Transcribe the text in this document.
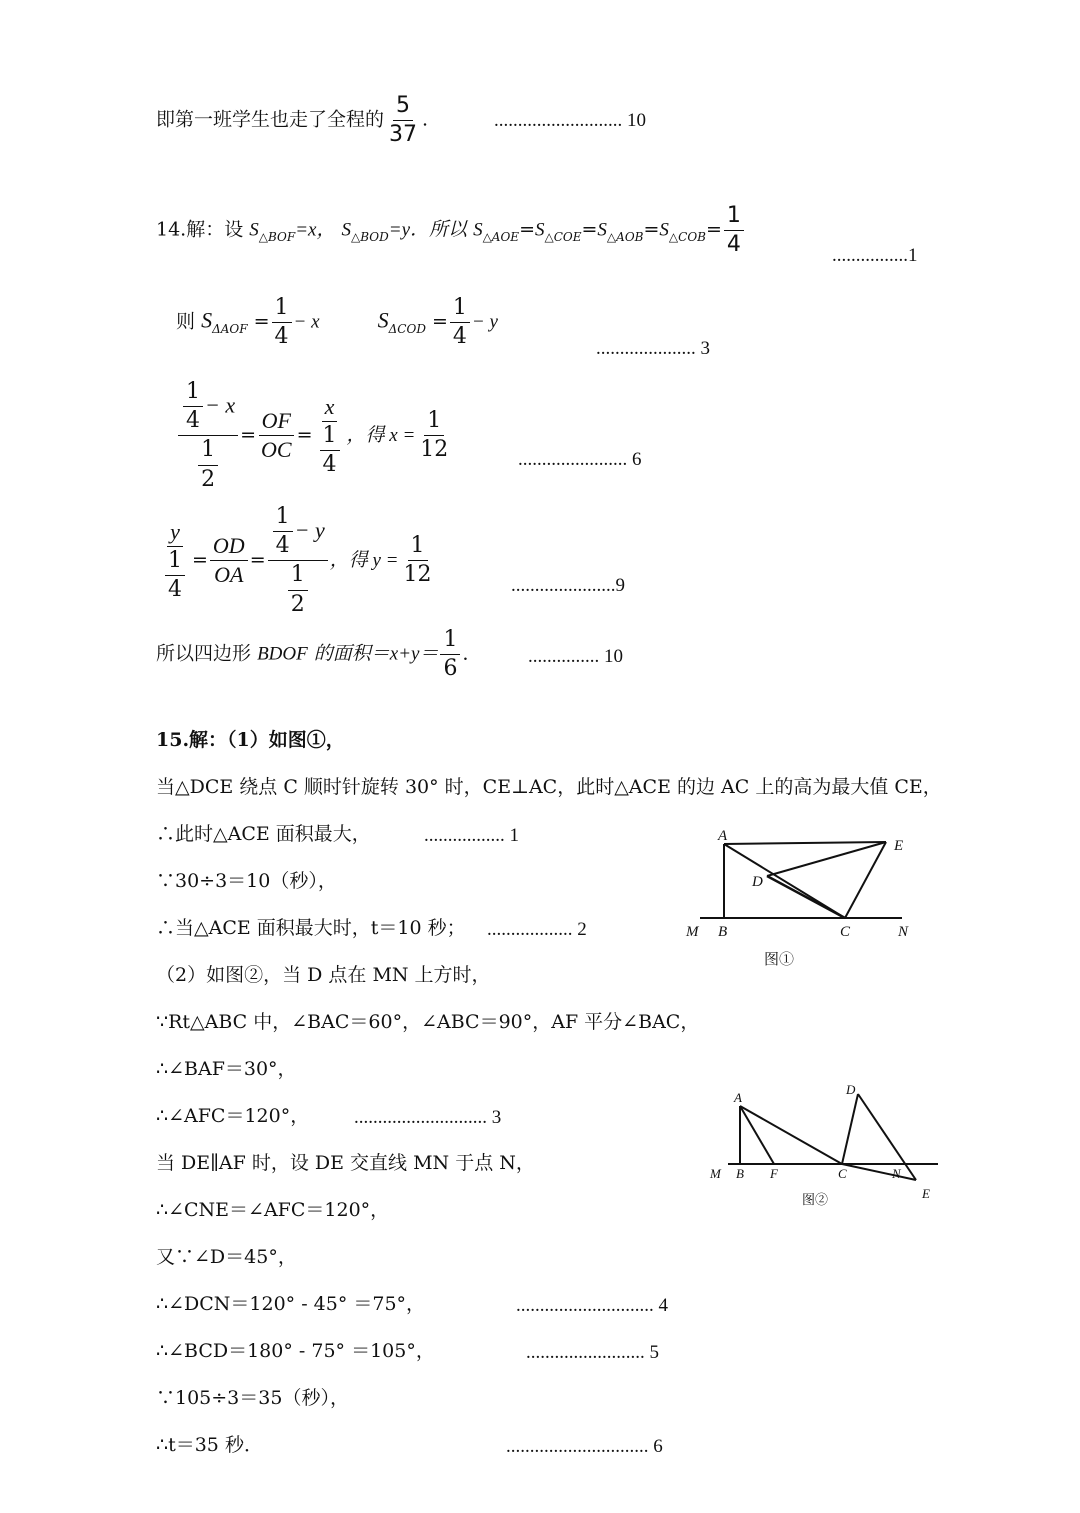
即第一班学生也走了全程的 $\frac{5}{37}$ .	........................... 10
14.解：设 $S_{\triangle BOF}=x$， $S_{\triangle BOD}=y$．所以 $S_{\triangle AOE}=S_{\triangle COE}=S_{\triangle AOB}=S_{\triangle COB}= \frac{1}{4}$	................1
则 $S_{\Delta AOF} = \frac{1}{4} - x$	$S_{\Delta COD} = \frac{1}{4} - y$
..................... 3
$\frac{\frac{1}{4} - x}{\frac{1}{2}} = \frac{OF}{OC} = \frac{x}{\frac{1}{4}}$ ，得 $x = \frac{1}{12}$	....................... 6
$\frac{y}{\frac{1}{4}} = \frac{OD}{OA} = \frac{\frac{1}{4} - y}{\frac{1}{2}}$ ，得 $y = \frac{1}{12}$	......................9
所以四边形 BDOF 的面积$=x+y= \frac{1}{6}$ ． ............... 10
15.解：（1）如图①，
当△DCE 绕点 C 顺时针旋转 30° 时，CE⊥AC，此时△ACE 的边 AC 上的高为最大值 CE，
∴此时△ACE 面积最大，	................. 1
∵30÷3＝10（秒），
∴当△ACE 面积最大时，t＝10 秒； .................. 2
（2）如图②，当 D 点在 MN 上方时，
∵Rt△ABC 中，∠BAC＝60°，∠ABC＝90°，AF 平分∠BAC，
∴∠BAF＝30°，
∴∠AFC＝120°， ............................ 3
当 DE∥AF 时，设 DE 交直线 MN 于点 N，
∴∠CNE＝∠AFC＝120°，
又∵∠D＝45°，
∴∠DCN＝120° - 45° ＝75°，	............................. 4
∴∠BCD＝180° - 75° ＝105°，	......................... 5
∵105÷3＝35（秒），
∴t＝35 秒．	.............................. 6
A
E
D
M B	C	N
图①
A
D
M B F	C	N
E
图②
